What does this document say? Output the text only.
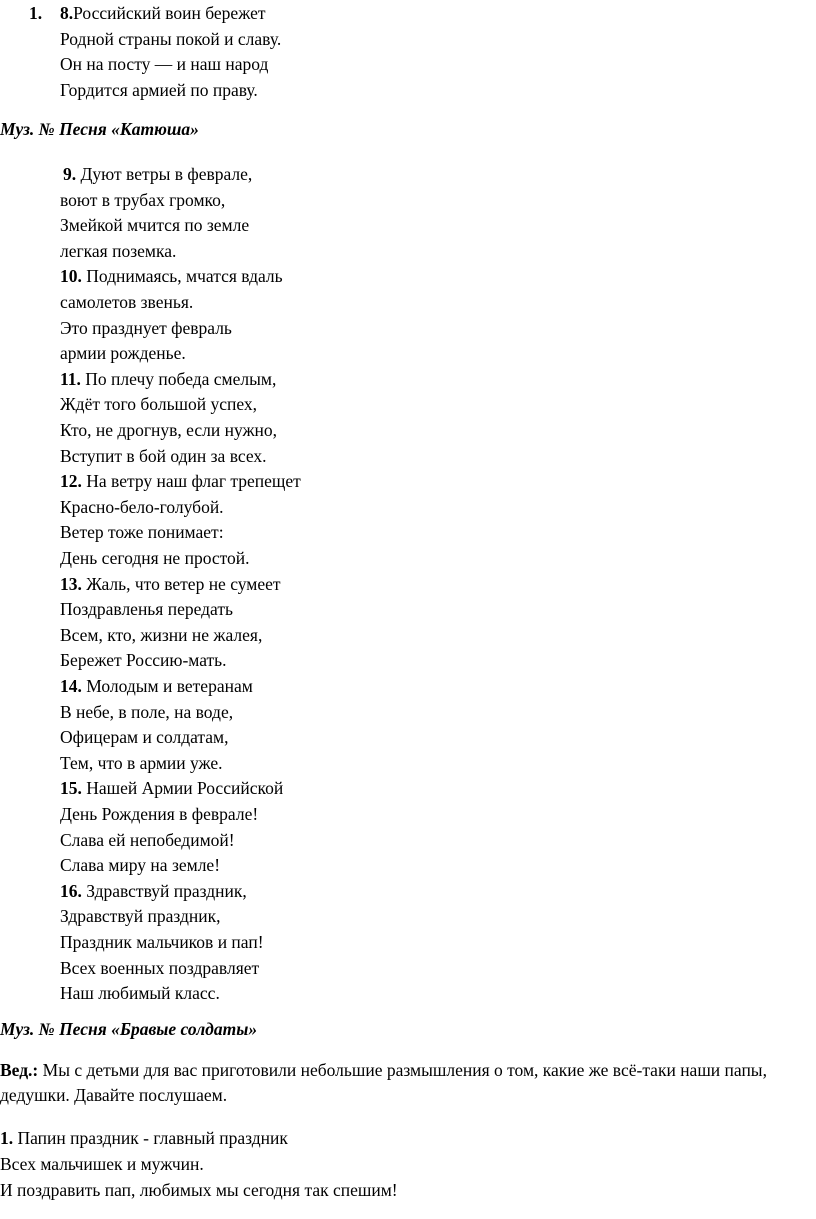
1. 8.Российский воин бережет
Родной страны покой и славу.
Он на посту — и наш народ
Гордится армией по праву.
Муз. № Песня «Катюша»
9. Дуют ветры в феврале,
воют в трубах громко,
Змейкой мчится по земле
легкая поземка.
10. Поднимаясь, мчатся вдаль
самолетов звенья.
Это празднует февраль
армии рожденье.
11. По плечу победа смелым,
Ждёт того большой успех,
Кто, не дрогнув, если нужно,
Вступит в бой один за всех.
12. На ветру наш флаг трепещет
Красно-бело-голубой.
Ветер тоже понимает:
День сегодня не простой.
13. Жаль, что ветер не сумеет
Поздравленья передать
Всем, кто, жизни не жалея,
Бережет Россию-мать.
14. Молодым и ветеранам
В небе, в поле, на воде,
Офицерам и солдатам,
Тем, что в армии уже.
15. Нашей Армии Российской
День Рождения в феврале!
Слава ей непобедимой!
Слава миру на земле!
16. Здравствуй праздник,
Здравствуй праздник,
Праздник мальчиков и пап!
Всех военных поздравляет
Наш любимый класс.
Муз. № Песня «Бравые солдаты»
Вед.: Мы с детьми для вас приготовили небольшие размышления о том, какие же всё-таки наши папы, дедушки. Давайте послушаем.
1. Папин праздник - главный праздник
Всех мальчишек и мужчин.
И поздравить пап, любимых мы сегодня так спешим!
